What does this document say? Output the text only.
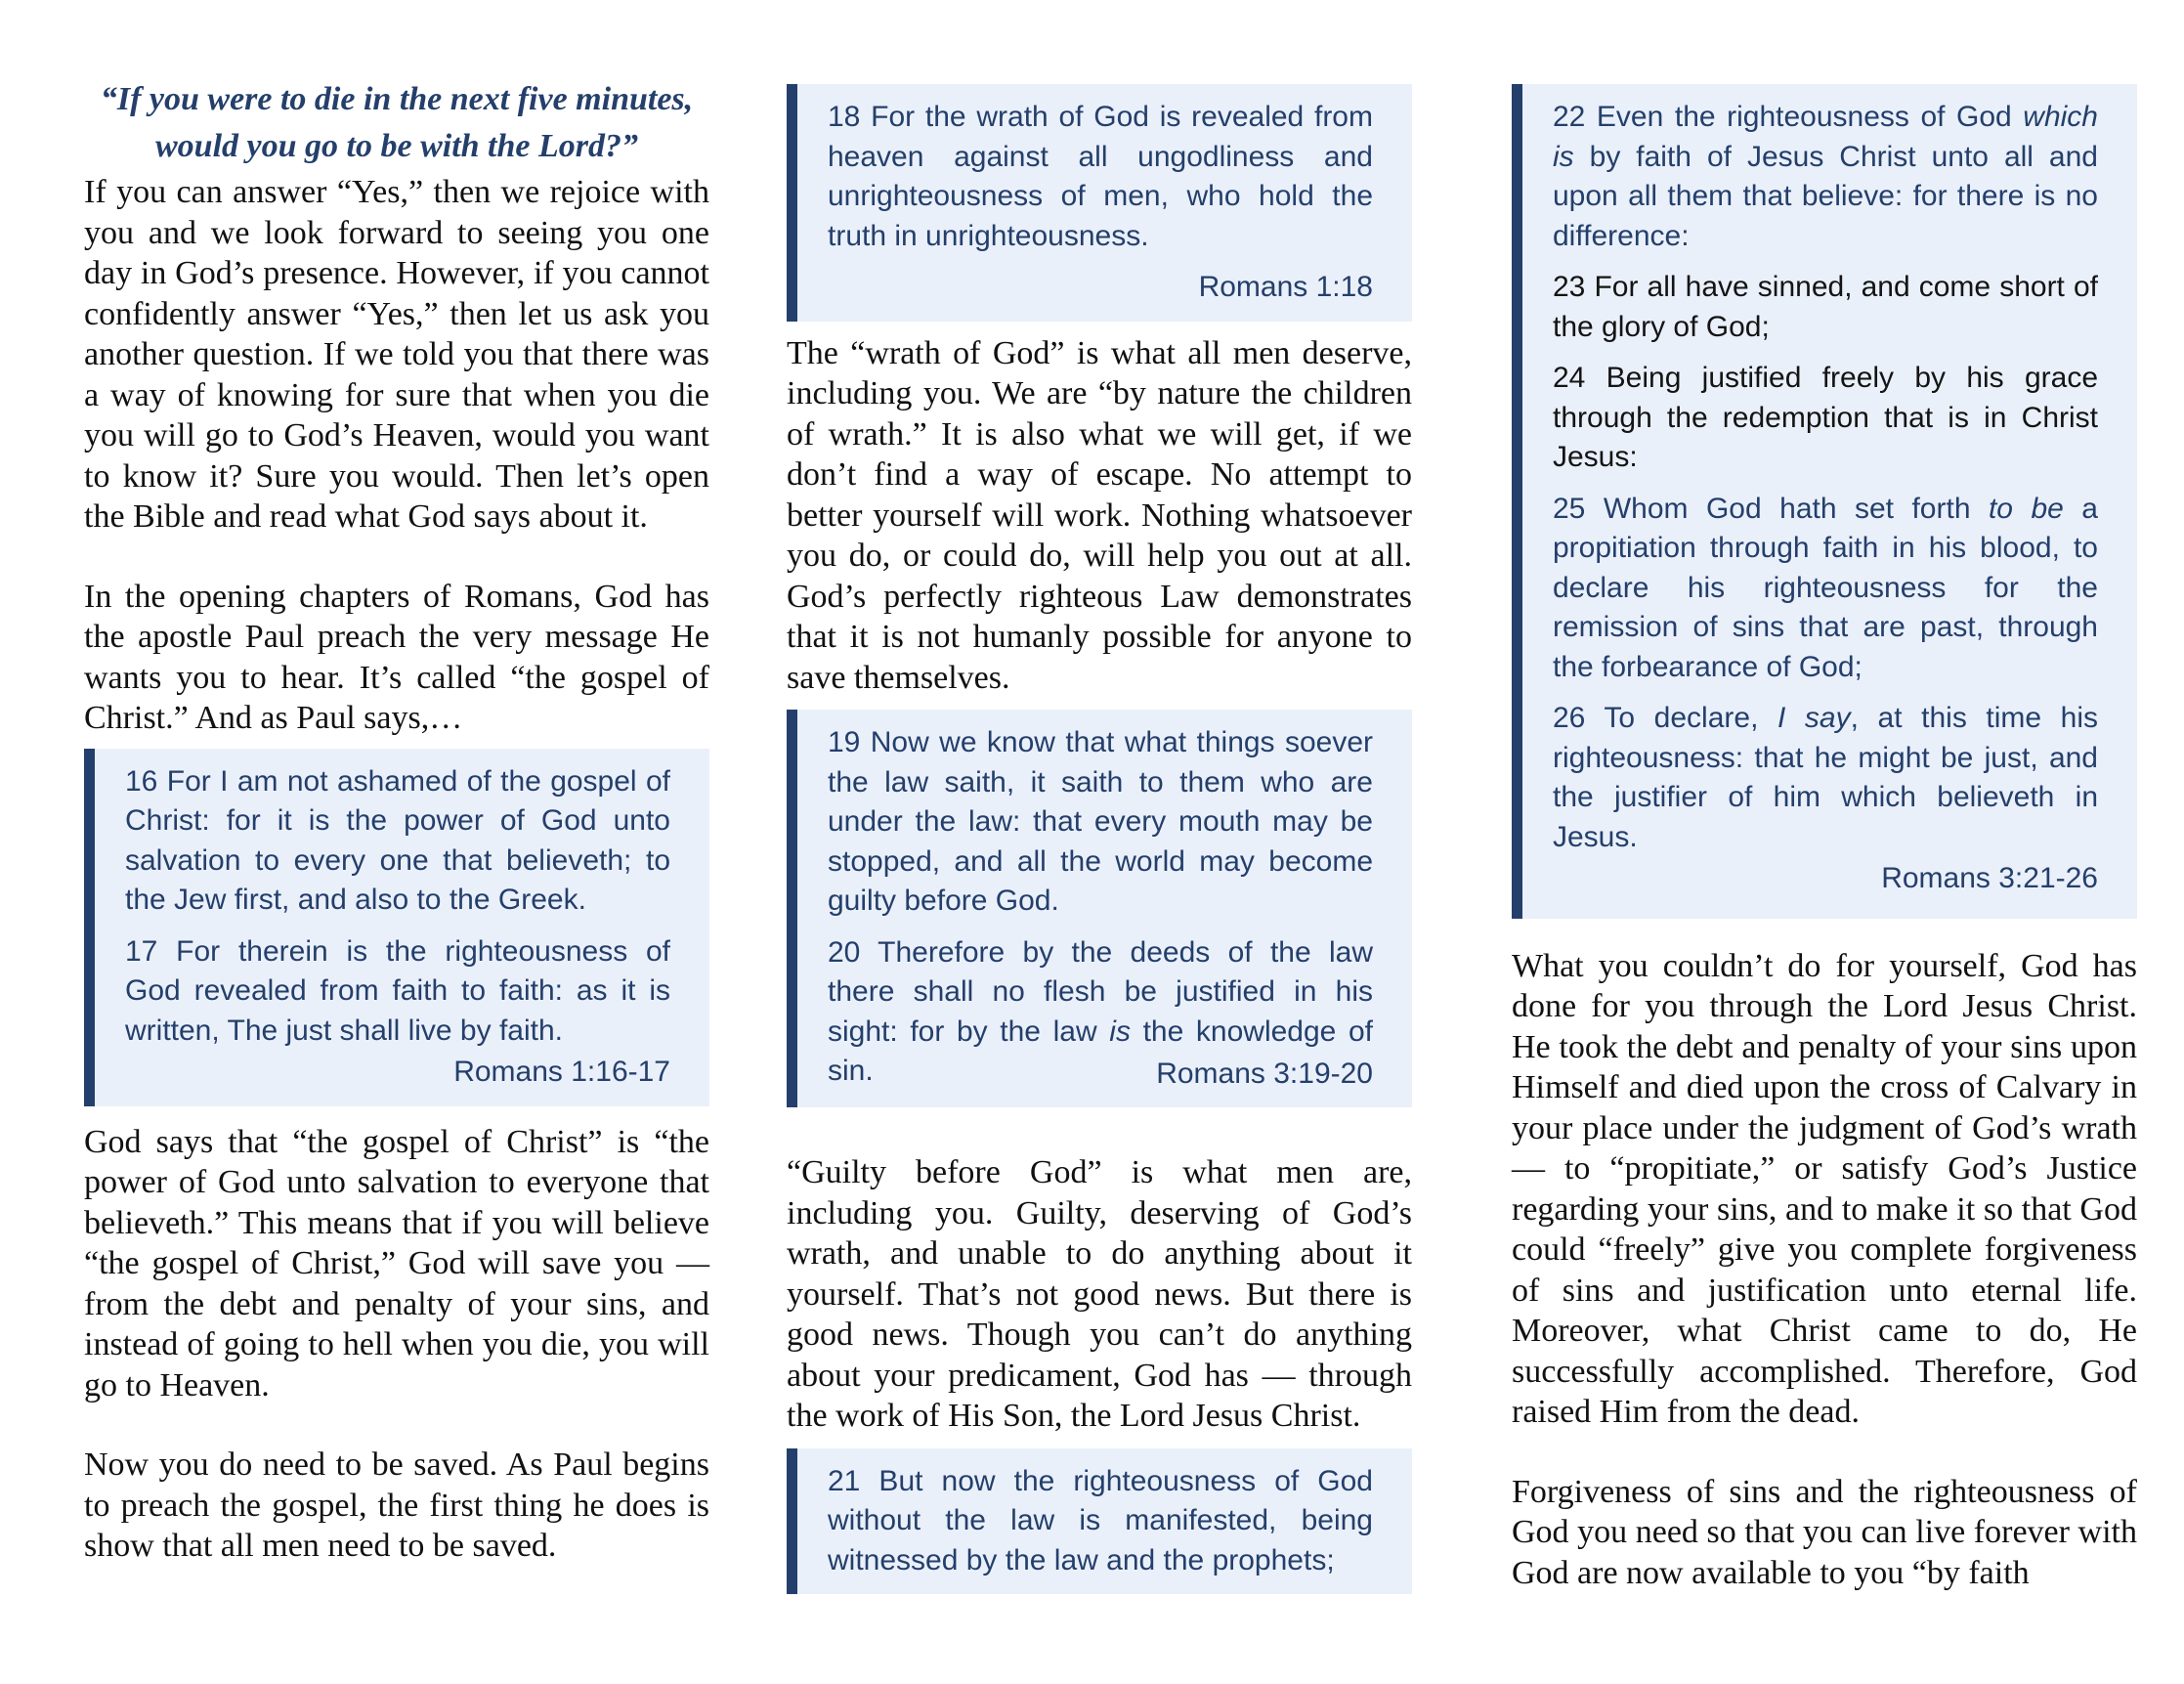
“If you were to die in the next five minutes,
would you go to be with the Lord?”

If you can answer “Yes,” then we rejoice with you and we look forward to seeing you one day in God’s presence. However, if you cannot confidently answer “Yes,” then let us ask you another question. If we told you that there was a way of knowing for sure that when you die you will go to God’s Heaven, would you want to know it? Sure you would. Then let’s open the Bible and read what God says about it.

In the opening chapters of Romans, God has the apostle Paul preach the very message He wants you to hear. It’s called “the gospel of Christ.” And as Paul says,…

16 For I am not ashamed of the gospel of Christ: for it is the power of God unto salvation to every one that believeth; to the Jew first, and also to the Greek.

17 For therein is the righteousness of God revealed from faith to faith: as it is written, The just shall live by faith.

Romans 1:16-17

God says that “the gospel of Christ” is “the power of God unto salvation to everyone that believeth.” This means that if you will believe “the gospel of Christ,” God will save you — from the debt and penalty of your sins, and instead of going to hell when you die, you will go to Heaven.

Now you do need to be saved. As Paul begins to preach the gospel, the first thing he does is show that all men need to be saved.

18 For the wrath of God is revealed from heaven against all ungodliness and unrighteousness of men, who hold the truth in unrighteousness.

Romans 1:18

The “wrath of God” is what all men deserve, including you. We are “by nature the children of wrath.” It is also what we will get, if we don’t find a way of escape. No attempt to better yourself will work. Nothing whatsoever you do, or could do, will help you out at all. God’s perfectly righteous Law demonstrates that it is not humanly possible for anyone to save themselves.

19 Now we know that what things soever the law saith, it saith to them who are under the law: that every mouth may be stopped, and all the world may become guilty before God.

20 Therefore by the deeds of the law there shall no flesh be justified in his sight: for by the law is the knowledge of sin.	Romans 3:19-20

“Guilty before God” is what men are, including you. Guilty, deserving of God’s wrath, and unable to do anything about it yourself. That’s not good news. But there is good news. Though you can’t do anything about your predicament, God has — through the work of His Son, the Lord Jesus Christ.

21 But now the righteousness of God without the law is manifested, being witnessed by the law and the prophets;

22 Even the righteousness of God which is by faith of Jesus Christ unto all and upon all them that believe: for there is no difference:

23 For all have sinned, and come short of the glory of God;

24 Being justified freely by his grace through the redemption that is in Christ Jesus:

25 Whom God hath set forth to be a propitiation through faith in his blood, to declare his righteousness for the remission of sins that are past, through the forbearance of God;

26 To declare, I say, at this time his righteousness: that he might be just, and the justifier of him which believeth in Jesus.

Romans 3:21-26

What you couldn’t do for yourself, God has done for you through the Lord Jesus Christ. He took the debt and penalty of your sins upon Himself and died upon the cross of Calvary in your place under the judgment of God’s wrath — to “propitiate,” or satisfy God’s Justice regarding your sins, and to make it so that God could “freely” give you complete forgiveness of sins and justification unto eternal life. Moreover, what Christ came to do, He successfully accomplished. Therefore, God raised Him from the dead.

Forgiveness of sins and the righteousness of God you need so that you can live forever with God are now available to you “by faith
